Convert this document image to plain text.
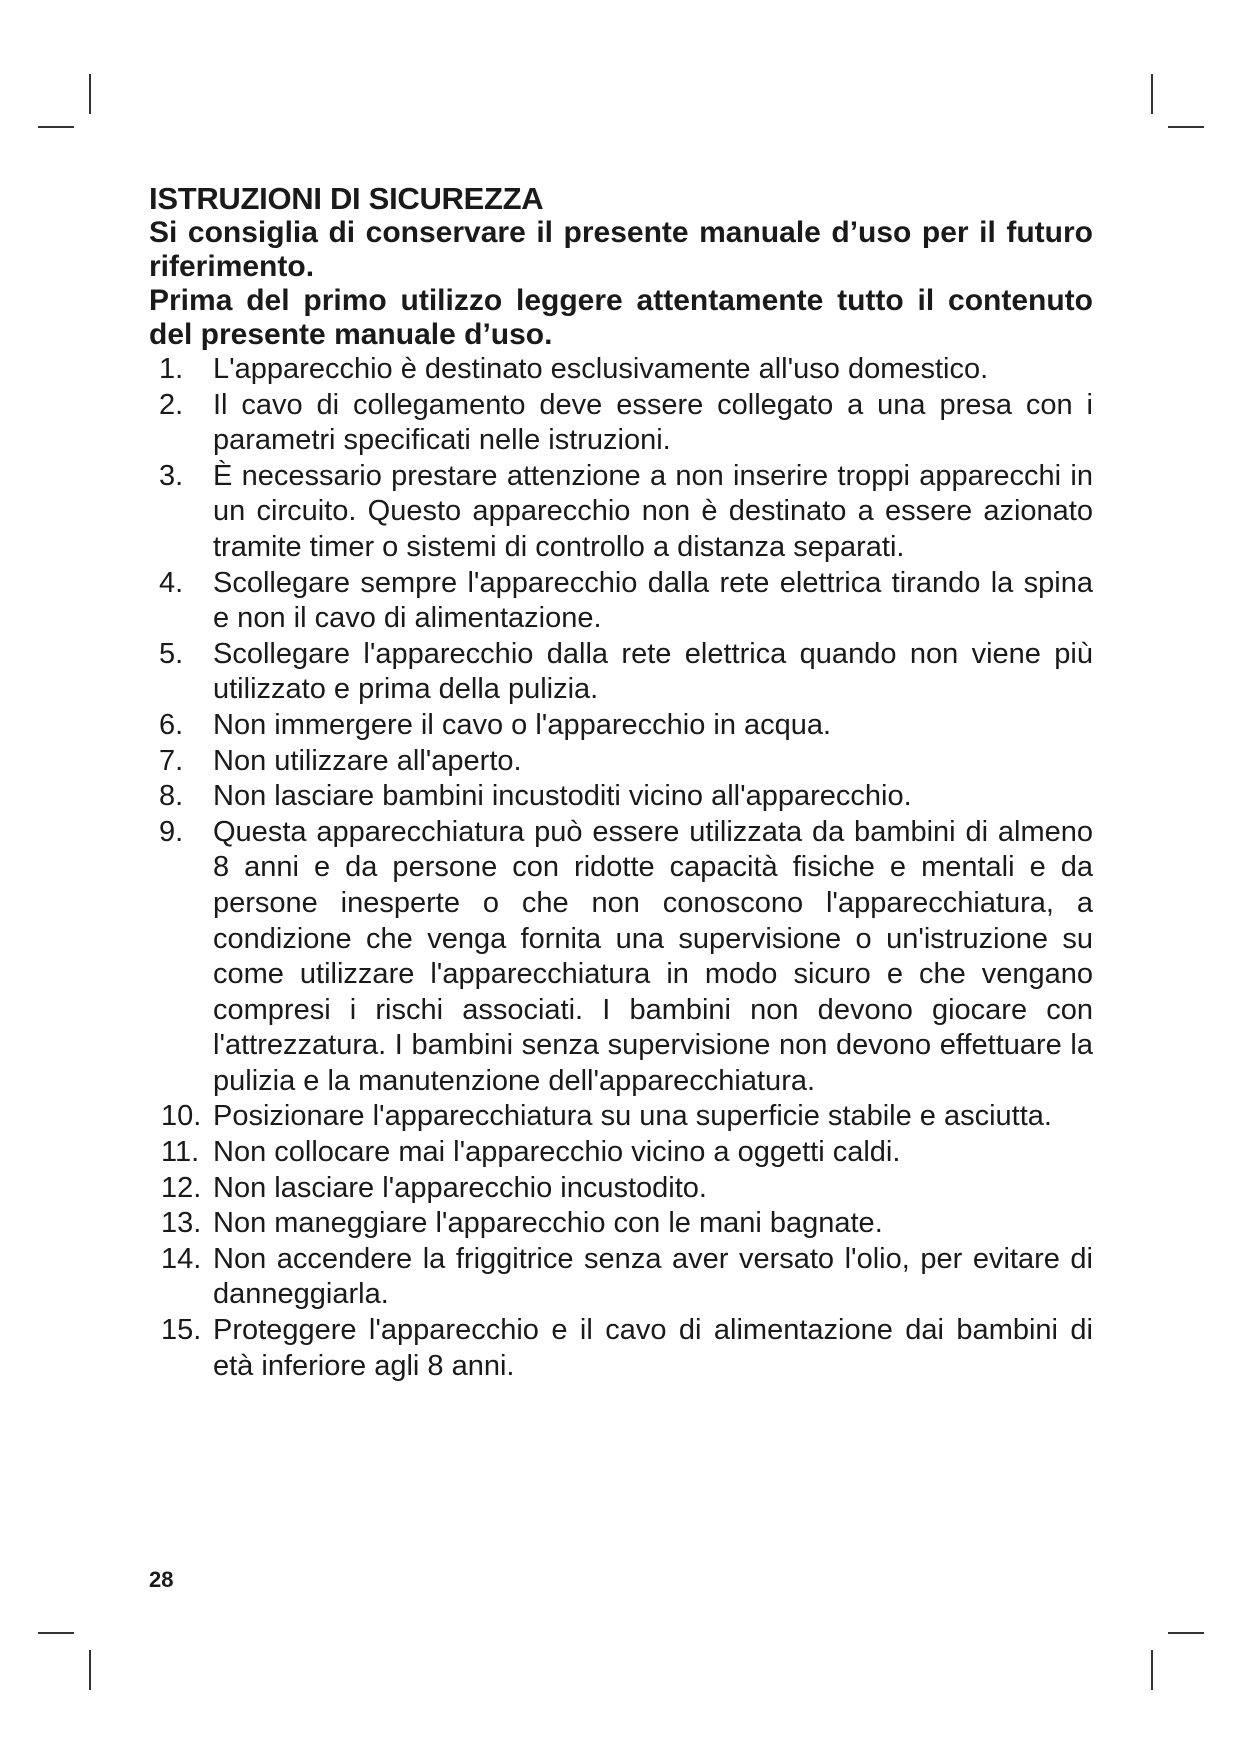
ISTRUZIONI DI SICUREZZA

Si consiglia di conservare il presente manuale d’uso per il futuro riferimento.

Prima del primo utilizzo leggere attentamente tutto il contenuto del presente manuale d’uso.

1.	L'apparecchio è destinato esclusivamente all'uso domestico.
2.	Il cavo di collegamento deve essere collegato a una presa con i parametri specificati nelle istruzioni.
3.	È necessario prestare attenzione a non inserire troppi apparecchi in un circuito. Questo apparecchio non è destinato a essere azionato tramite timer o sistemi di controllo a distanza separati.
4.	Scollegare sempre l'apparecchio dalla rete elettrica tirando la spina e non il cavo di alimentazione.
5.	Scollegare l'apparecchio dalla rete elettrica quando non viene più utilizzato e prima della pulizia.
6.	Non immergere il cavo o l'apparecchio in acqua.
7.	Non utilizzare all'aperto.
8.	Non lasciare bambini incustoditi vicino all'apparecchio.
9.	Questa apparecchiatura può essere utilizzata da bambini di almeno 8 anni e da persone con ridotte capacità fisiche e mentali e da persone inesperte o che non conoscono l'apparecchiatura, a condizione che venga fornita una supervisione o un'istruzione su come utilizzare l'apparecchiatura in modo sicuro e che vengano compresi i rischi associati. I bambini non devono giocare con l'attrezzatura. I bambini senza supervisione non devono effettuare la pulizia e la manutenzione dell'apparecchiatura.
10. Posizionare l'apparecchiatura su una superficie stabile e asciutta.
11. Non collocare mai l'apparecchio vicino a oggetti caldi.
12. Non lasciare l'apparecchio incustodito.
13. Non maneggiare l'apparecchio con le mani bagnate.
14. Non accendere la friggitrice senza aver versato l'olio, per evitare di danneggiarla.
15. Proteggere l'apparecchio e il cavo di alimentazione dai bambini di età inferiore agli 8 anni.
28
